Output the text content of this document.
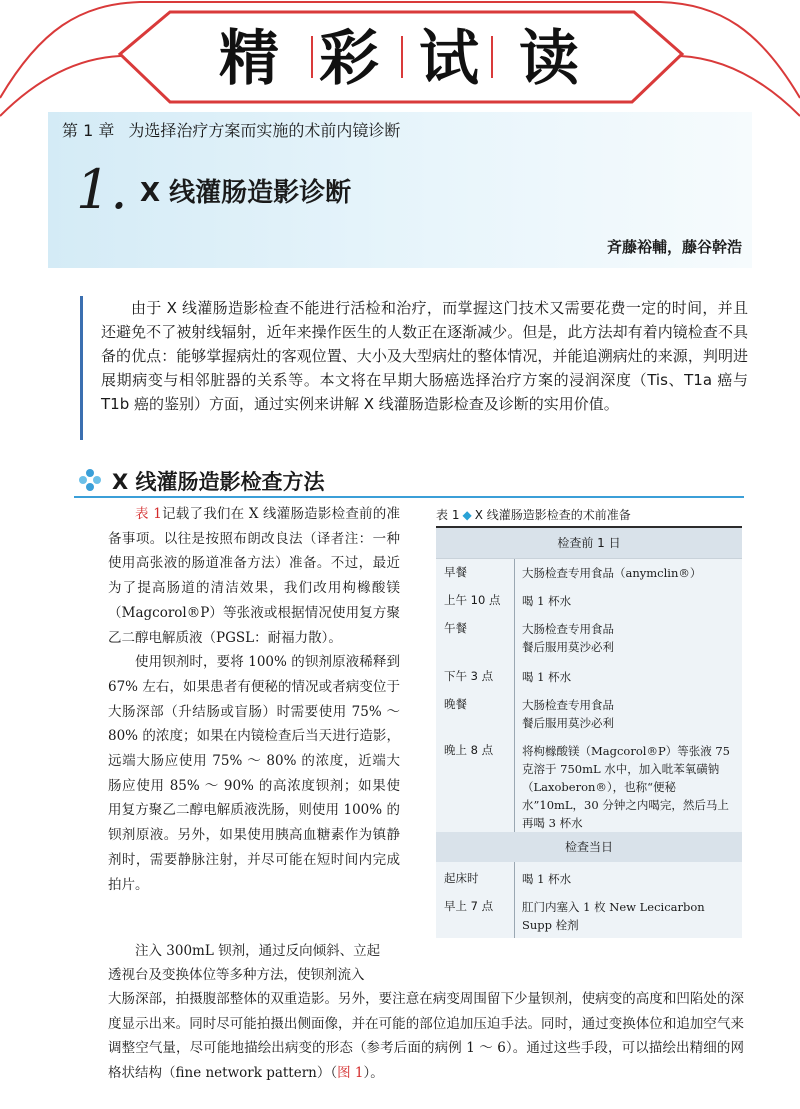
精 彩 试 读
第 1 章 为选择治疗方案而实施的术前内镜诊断
1. X 线灌肠造影诊断
斉藤裕輔，藤谷幹浩
由于 X 线灌肠造影检查不能进行活检和治疗，而掌握这门技术又需要花费一定的时间，并且还避免不了被射线辐射，近年来操作医生的人数正在逐渐减少。但是，此方法却有着内镜检查不具备的优点：能够掌握病灶的客观位置、大小及大型病灶的整体情况，并能追溯病灶的来源，判明进展期病变与相邻脏器的关系等。本文将在早期大肠癌选择治疗方案的浸润深度（Tis、T1a 癌与 T1b 癌的鉴别）方面，通过实例来讲解 X 线灌肠造影检查及诊断的实用价值。
X 线灌肠造影检查方法

表 1记载了我们在 X 线灌肠造影检查前的准备事项。以往是按照布朗改良法（译者注：一种使用高张液的肠道准备方法）准备。不过，最近为了提高肠道的清洁效果，我们改用枸橼酸镁（Magcorol®P）等张液或根据情况使用复方聚乙二醇电解质液（PGSL：耐福力散）。

使用钡剂时，要将 100% 的钡剂原液稀释到 67% 左右，如果患者有便秘的情况或者病变位于大肠深部（升结肠或盲肠）时需要使用 75% ～ 80% 的浓度；如果在内镜检查后当天进行造影，远端大肠应使用 75% ～ 80% 的浓度，近端大肠应使用 85% ～ 90% 的高浓度钡剂；如果使用复方聚乙二醇电解质液洗肠，则使用 100% 的钡剂原液。另外，如果使用胰高血糖素作为镇静剂时，需要静脉注射，并尽可能在短时间内完成拍片。

注入 300mL 钡剂，通过反向倾斜、立起
透视台及变换体位等多种方法，使钡剂流入
大肠深部，拍摄腹部整体的双重造影。另外，要注意在病变周围留下少量钡剂，使病变的高度和凹陷处的深度显示出来。同时尽可能拍摄出侧面像，并在可能的部位追加压迫手法。同时，通过变换体位和追加空气来调整空气量，尽可能地描绘出病变的形态（参考后面的病例 1 ～ 6）。通过这些手段，可以描绘出精细的网格状结构（fine network pattern）（图 1）。
表 1 ◆ X 线灌肠造影检查的术前准备
检查前 1 日
早餐	大肠检查专用食品（anymclin®）
上午 10 点 喝 1 杯水
午餐	大肠检查专用食品
餐后服用莫沙必利
下午 3 点	喝 1 杯水
晚餐	大肠检查专用食品
餐后服用莫沙必利
晚上 8 点	将枸橼酸镁（Magcorol®P）等张液 75 克溶于 750mL 水中，加入吡苯氧磺钠（Laxoberon®），也称“便秘水”10mL，30 分钟之内喝完，然后马上再喝 3 杯水
检查当日
起床时	喝 1 杯水
早上 7 点	肛门内塞入 1 枚 New Lecicarbon Supp 栓剂
